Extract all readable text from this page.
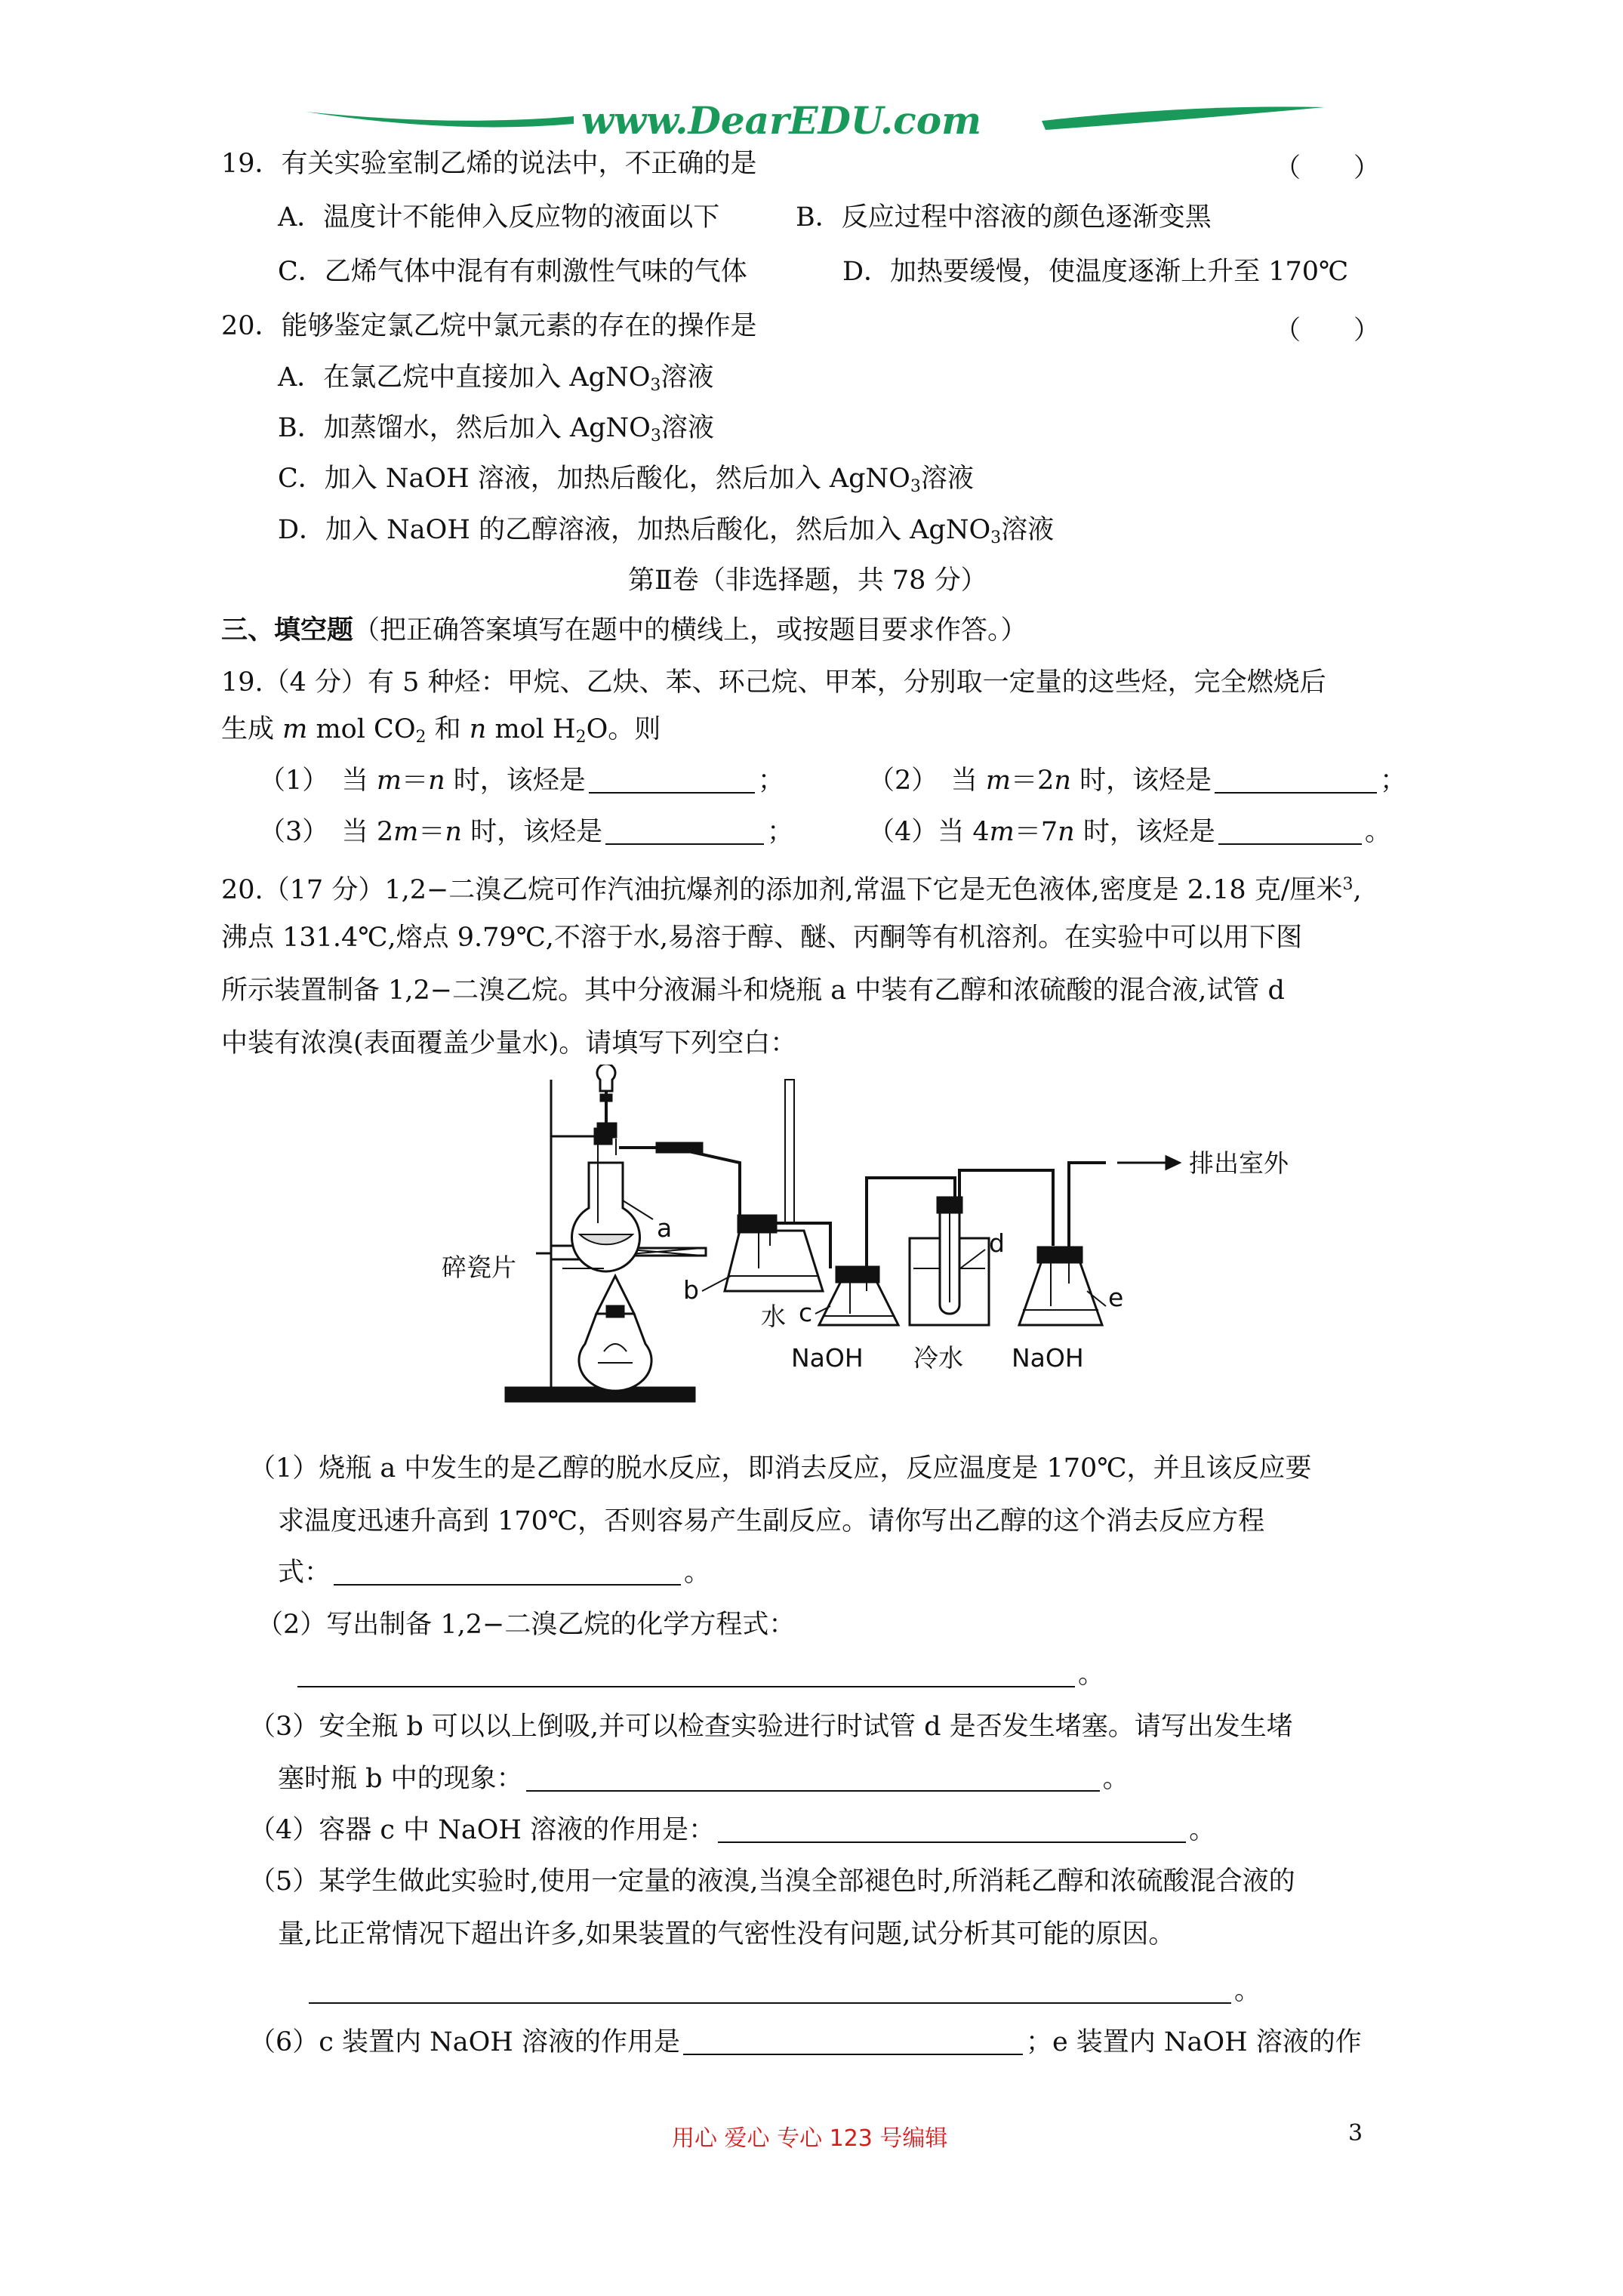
www.DearEDU.com
19．有关实验室制乙烯的说法中，不正确的是	（　　）
A．温度计不能伸入反应物的液面以下	B．反应过程中溶液的颜色逐渐变黑
C．乙烯气体中混有有刺激性气味的气体	D．加热要缓慢，使温度逐渐上升至 170℃
20．能够鉴定氯乙烷中氯元素的存在的操作是	（　　）
A．在氯乙烷中直接加入 AgNO$_3$溶液
B．加蒸馏水，然后加入 AgNO$_3$溶液
C．加入 NaOH 溶液，加热后酸化，然后加入 AgNO$_3$溶液
D．加入 NaOH 的乙醇溶液，加热后酸化，然后加入 AgNO$_3$溶液
第Ⅱ卷（非选择题，共 78 分）
三、填空题（把正确答案填写在题中的横线上，或按题目要求作答。）
19.（4 分）有 5 种烃：甲烷、乙炔、苯、环己烷、甲苯，分别取一定量的这些烃，完全燃烧后
生成 m mol $CO_2$ 和 n mol $H_2O$。则
（1）　当 m＝n 时，该烃是	；	（2）　当 m＝2n 时，该烃是	；
（3）　当 2m＝n 时，该烃是	；	（4）当 4m＝7n 时，该烃是	。
20.（17 分）1,2−二溴乙烷可作汽油抗爆剂的添加剂,常温下它是无色液体,密度是 2.18 克/厘米$^3$,
沸点 131.4℃,熔点 9.79℃,不溶于水,易溶于醇、醚、丙酮等有机溶剂。在实验中可以用下图
所示装置制备 1,2−二溴乙烷。其中分液漏斗和烧瓶 a 中装有乙醇和浓硫酸的混合液,试管 d
中装有浓溴(表面覆盖少量水)。请填写下列空白：
a
b
c
d
e
碎瓷片
水
NaOH 冷水 NaOH
排出室外
（1）烧瓶 a 中发生的是乙醇的脱水反应，即消去反应，反应温度是 170℃，并且该反应要
求温度迅速升高到 170℃，否则容易产生副反应。请你写出乙醇的这个消去反应方程
式：	。
（2）写出制备 1,2−二溴乙烷的化学方程式：
。
（3）安全瓶 b 可以以上倒吸,并可以检查实验进行时试管 d 是否发生堵塞。请写出发生堵
塞时瓶 b 中的现象：	。
（4）容器 c 中 NaOH 溶液的作用是：	。
（5）某学生做此实验时,使用一定量的液溴,当溴全部褪色时,所消耗乙醇和浓硫酸混合液的
量,比正常情况下超出许多,如果装置的气密性没有问题,试分析其可能的原因。
。
（6）c 装置内 NaOH 溶液的作用是	；e 装置内 NaOH 溶液的作
用心 爱心 专心 123 号编辑	3
